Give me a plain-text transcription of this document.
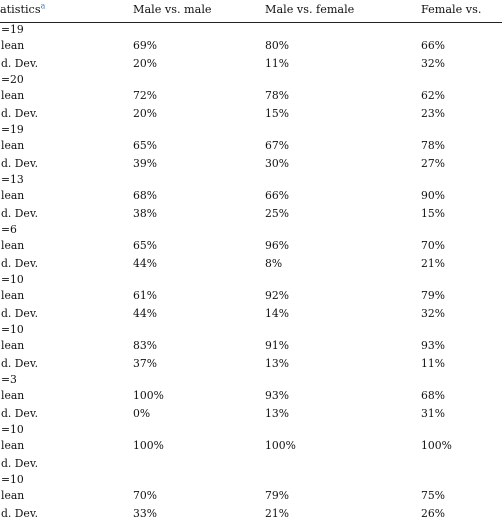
atistics$^a$	Male vs. male	Male vs. female	Female vs.
=19
lean	69%	80%	66%
d. Dev.	20%	11%	32%
=20
lean	72%	78%	62%
d. Dev.	20%	15%	23%
=19
lean	65%	67%	78%
d. Dev.	39%	30%	27%
=13
lean	68%	66%	90%
d. Dev.	38%	25%	15%
=6
lean	65%	96%	70%
d. Dev.	44%	8%	21%
=10
lean	61%	92%	79%
d. Dev.	44%	14%	32%
=10
lean	83%	91%	93%
d. Dev.	37%	13%	11%
=3
lean	100%	93%	68%
d. Dev.	0%	13%	31%
=10
lean	100%	100%	100%
d. Dev.
=10
lean	70%	79%	75%
d. Dev.	33%	21%	26%
